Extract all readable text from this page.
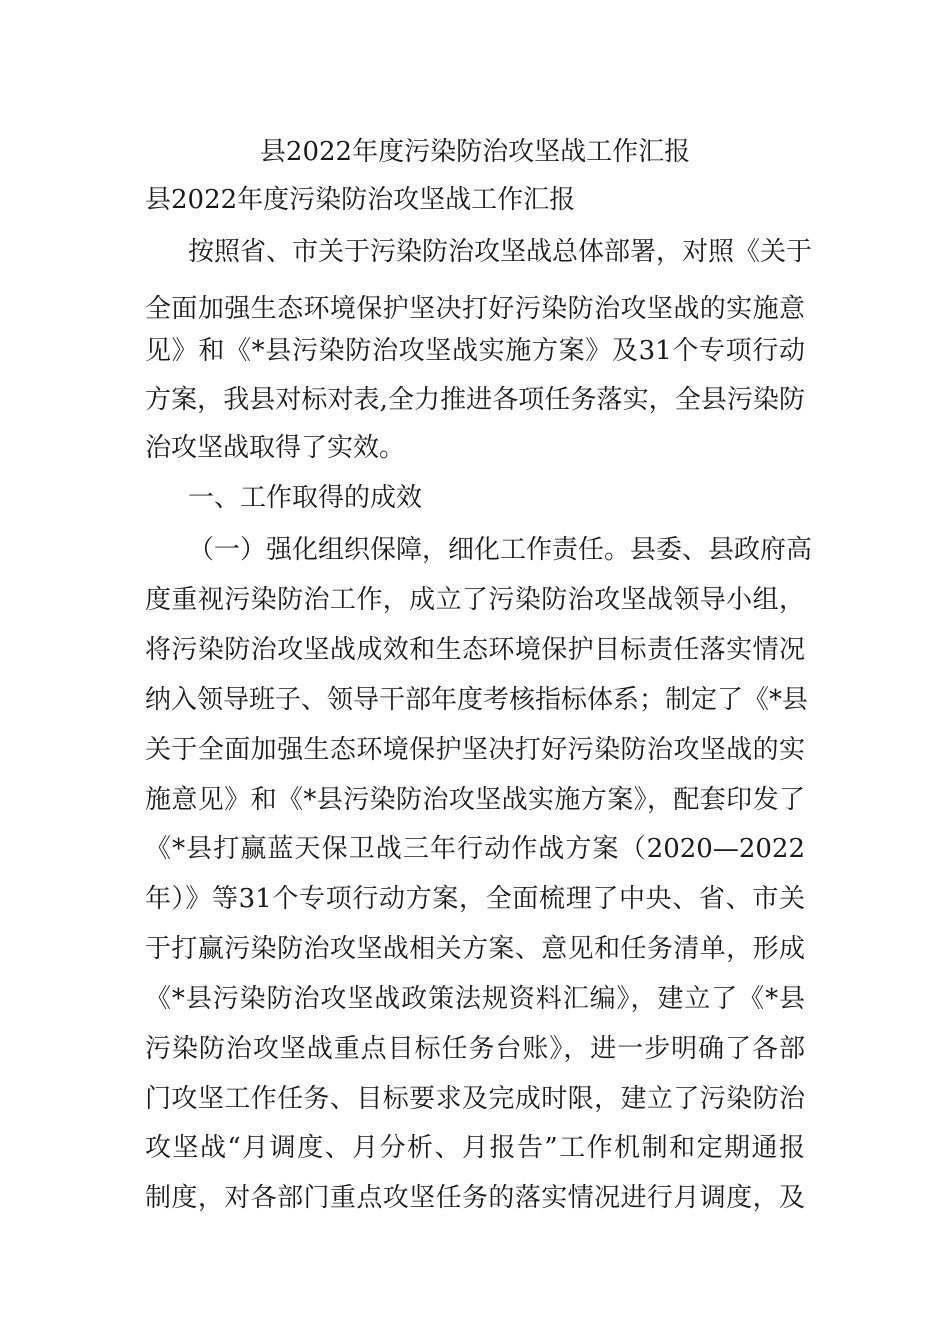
县2022年度污染防治攻坚战工作汇报
县2022年度污染防治攻坚战工作汇报
按照省、市关于污染防治攻坚战总体部署，对照《关于
全面加强生态环境保护坚决打好污染防治攻坚战的实施意
见》和《*县污染防治攻坚战实施方案》及31个专项行动
方案，我县对标对表,全力推进各项任务落实，全县污染防
治攻坚战取得了实效。
一、工作取得的成效
（一）强化组织保障，细化工作责任。县委、县政府高
度重视污染防治工作，成立了污染防治攻坚战领导小组，
将污染防治攻坚战成效和生态环境保护目标责任落实情况
纳入领导班子、领导干部年度考核指标体系；制定了《*县
关于全面加强生态环境保护坚决打好污染防治攻坚战的实
施意见》和《*县污染防治攻坚战实施方案》，配套印发了
《*县打赢蓝天保卫战三年行动作战方案（2020—2022
年）》等31个专项行动方案，全面梳理了中央、省、市关
于打赢污染防治攻坚战相关方案、意见和任务清单，形成
《*县污染防治攻坚战政策法规资料汇编》，建立了《*县
污染防治攻坚战重点目标任务台账》，进一步明确了各部
门攻坚工作任务、目标要求及完成时限，建立了污染防治
攻坚战“月调度、月分析、月报告”工作机制和定期通报
制度，对各部门重点攻坚任务的落实情况进行月调度，及
